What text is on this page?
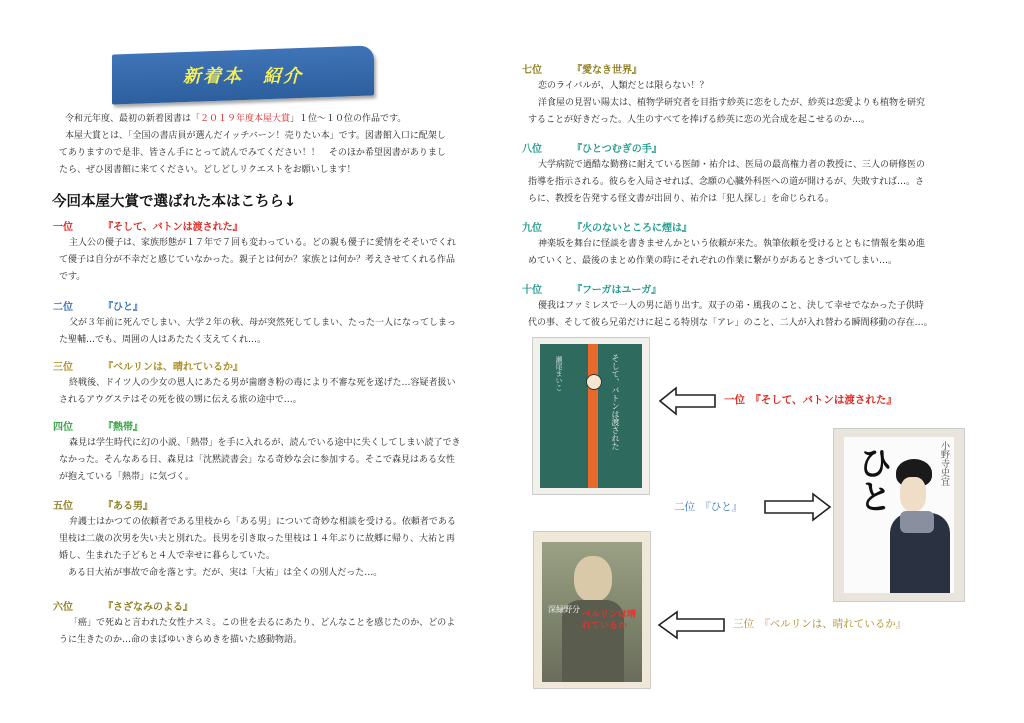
新着本　紹介

令和元年度、最初の新着図書は「２０１９年度本屋大賞」１位～１０位の作品です。

本屋大賞とは、「全国の書店員が選んだイッチバーン！売りたい本」です。図書館入口に配架し

てありますので是非、皆さん手にとって読んでみてください！！　そのほか希望図書がありまし

たら、ぜひ図書館に来てください。どしどしリクエストをお願いします！

今回本屋大賞で選ばれた本はこちら↓
一位	『そして、バトンは渡された』

主人公の優子は、家族形態が１７年で７回も変わっている。どの親も優子に愛情をそそいでくれ

て優子は自分が不幸だと感じていなかった。親子とは何か？家族とは何か？考えさせてくれる作品

です。

二位	『ひと』

父が３年前に死んでしまい、大学２年の秋、母が突然死してしまい、たった一人になってしまっ

た聖輔…でも、周囲の人はあたたく支えてくれ…。

三位	『ベルリンは、晴れているか』

終戦後、ドイツ人の少女の恩人にあたる男が歯磨き粉の毒により不審な死を遂げた…容疑者扱い

されるアウグステはその死を彼の甥に伝える旅の途中で…。

四位	『熱帯』

森見は学生時代に幻の小説、「熱帯」を手に入れるが、読んでいる途中に失くしてしまい読了でき

なかった。そんなある日、森見は「沈黙読書会」なる奇妙な会に参加する。そこで森見はある女性

が抱えている「熱帯」に気づく。

五位	『ある男』

弁護士はかつての依頼者である里枝から「ある男」について奇妙な相談を受ける。依頼者である

里枝は二歳の次男を失い夫と別れた。長男を引き取った里枝は１４年ぶりに故郷に帰り、大祐と再

婚し、生まれた子どもと４人で幸せに暮らしていた。

　ある日大祐が事故で命を落とす。だが、実は「大祐」は全くの別人だった…。

六位	『さざなみのよる』

「癌」で死ぬと言われた女性ナスミ。この世を去るにあたり、どんなことを感じたのか、どのよ

うに生きたのか…命のまばゆいきらめきを描いた感動物語。

七位	『愛なき世界』

恋のライバルが、人類だとは限らない！？

洋食屋の見習い陽太は、植物学研究者を目指す紗英に恋をしたが、紗英は恋愛よりも植物を研究

することが好きだった。人生のすべてを捧げる紗英に恋の光合成を起こせるのか…。

八位	『ひとつむぎの手』

大学病院で過酷な勤務に耐えている医師・祐介は、医局の最高権力者の教授に、三人の研修医の

指導を指示される。彼らを入局させれば、念願の心臓外科医への道が開けるが、失敗すれば…。さ

らに、教授を告発する怪文書が出回り、祐介は「犯人探し」を命じられる。

九位	『火のないところに煙は』

神楽坂を舞台に怪談を書きませんかという依頼が来た。執筆依頼を受けるとともに情報を集め進

めていくと、最後のまとめ作業の時にそれぞれの作業に繋がりがあるときづいてしまい…。

十位	『フーガはユーガ』

優我はファミレスで一人の男に語り出す。双子の弟・風我のこと、決して幸せでなかった子供時

代の事、そして彼ら兄弟だけに起こる特別な「アレ」のこと、二人が入れ替わる瞬間移動の存在…。

瀬尾まいこ	そして、バトンは渡された	一位　 『そして、バトンは渡された』
ひと	小野寺史宜
二位　 『ひと』
深緑野分
ベルリンは晴れているか	三位　 『ベルリンは、晴れているか』
